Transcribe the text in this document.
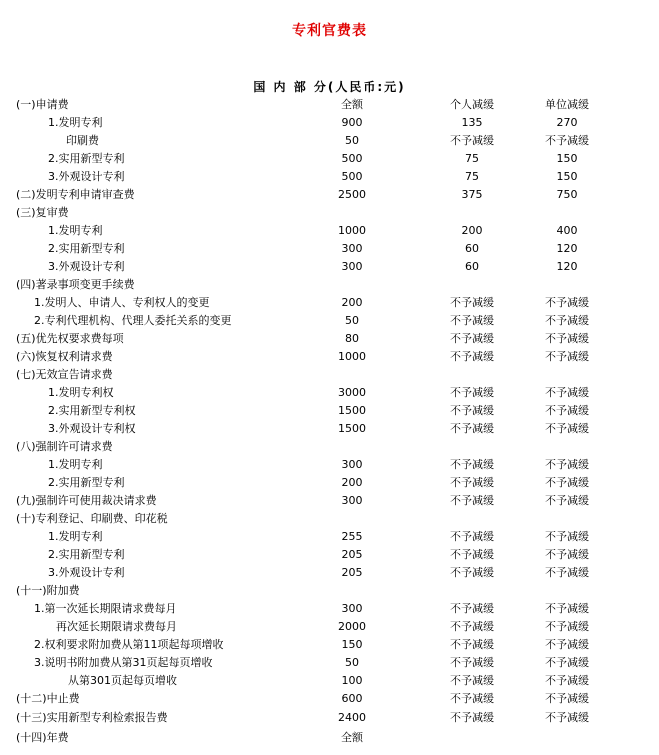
专利官费表
国 内 部 分(人民币:元)
(一)申请费	全额	个人减缓	单位减缓
1.发明专利	900	135	270
印刷费	50	不予减缓	不予减缓
2.实用新型专利	500	75	150
3.外观设计专利	500	75	150
(二)发明专利申请审查费	2500	375	750
(三)复审费
1.发明专利	1000	200	400
2.实用新型专利	300	60	120
3.外观设计专利	300	60	120
(四)著录事项变更手续费
1.发明人、申请人、专利权人的变更	200	不予减缓	不予减缓
2.专利代理机构、代理人委托关系的变更	50	不予减缓	不予减缓
(五)优先权要求费每项	80	不予减缓	不予减缓
(六)恢复权利请求费	1000	不予减缓	不予减缓
(七)无效宣告请求费
1.发明专利权	3000	不予减缓	不予减缓
2.实用新型专利权	1500	不予减缓	不予减缓
3.外观设计专利权	1500	不予减缓	不予减缓
(八)强制许可请求费
1.发明专利	300	不予减缓	不予减缓
2.实用新型专利	200	不予减缓	不予减缓
(九)强制许可使用裁决请求费	300	不予减缓	不予减缓
(十)专利登记、印刷费、印花税
1.发明专利	255	不予减缓	不予减缓
2.实用新型专利	205	不予减缓	不予减缓
3.外观设计专利	205	不予减缓	不予减缓
(十一)附加费
1.第一次延长期限请求费每月	300	不予减缓	不予减缓
再次延长期限请求费每月	2000	不予减缓	不予减缓
2.权利要求附加费从第11项起每项增收	150	不予减缓	不予减缓
3.说明书附加费从第31页起每页增收	50	不予减缓	不予减缓
从第301页起每页增收	100	不予减缓	不予减缓
(十二)中止费	600	不予减缓	不予减缓
(十三)实用新型专利检索报告费	2400	不予减缓	不予减缓
(十四)年费	全额
